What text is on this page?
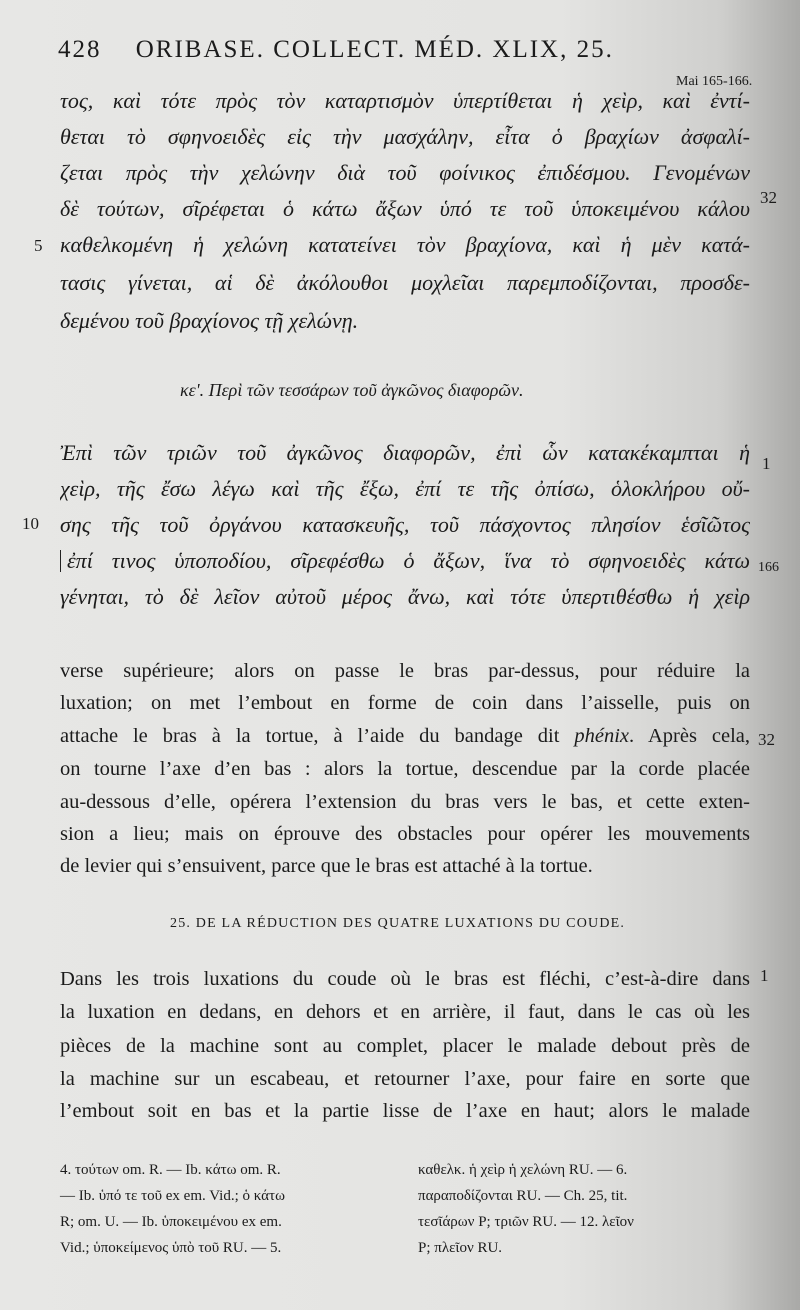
428 ORIBASE. COLLECT. MÉD. XLIX, 25.
Mai 165-166.
τος, καὶ τότε πρὸς τὸν καταρτισμὸν ὑπερτίθεται ἡ χεὶρ, καὶ ἐντί-
θεται τὸ σφηνοειδὲς εἰς τὴν μασχάλην, εἶτα ὁ βραχίων ἀσφαλί-
ζεται πρὸς τὴν χελώνην διὰ τοῦ φοίνικος ἐπιδέσμου. Γενομένων
δὲ τούτων, σῖρέφεται ὁ κάτω ἄξων ὑπό τε τοῦ ὑποκειμένου κάλου
καθελκομένη ἡ χελώνη κατατείνει τὸν βραχίονα, καὶ ἡ μὲν κατά-
τασις γίνεται, αἱ δὲ ἀκόλουθοι μοχλεῖαι παρεμποδίζονται, προσδε-
δεμένου τοῦ βραχίονος τῇ χελώνῃ.
κε'. Περὶ τῶν τεσσάρων τοῦ ἀγκῶνος διαφορῶν.
Ἐπὶ τῶν τριῶν τοῦ ἀγκῶνος διαφορῶν, ἐπὶ ὧν κατακέκαμπται ἡ
χεὶρ, τῆς ἔσω λέγω καὶ τῆς ἔξω, ἐπί τε τῆς ὀπίσω, ὁλοκλήρου οὔ-
σης τῆς τοῦ ὀργάνου κατασκευῆς, τοῦ πάσχοντος πλησίον ἑσῖῶτος
ἐπί τινος ὑποποδίου, σῖρεφέσθω ὁ ἄξων, ἵνα τὸ σφηνοειδὲς κάτω
γένηται, τὸ δὲ λεῖον αὐτοῦ μέρος ἄνω, καὶ τότε ὑπερτιθέσθω ἡ χεὶρ
verse supérieure; alors on passe le bras par-dessus, pour réduire la
luxation; on met l’embout en forme de coin dans l’aisselle, puis on
attache le bras à la tortue, à l’aide du bandage dit phénix. Après cela,
on tourne l’axe d’en bas : alors la tortue, descendue par la corde placée
au-dessous d’elle, opérera l’extension du bras vers le bas, et cette exten-
sion a lieu; mais on éprouve des obstacles pour opérer les mouvements
de levier qui s’ensuivent, parce que le bras est attaché à la tortue.
25. DE LA RÉDUCTION DES QUATRE LUXATIONS DU COUDE.
Dans les trois luxations du coude où le bras est fléchi, c’est-à-dire dans
la luxation en dedans, en dehors et en arrière, il faut, dans le cas où les
pièces de la machine sont au complet, placer le malade debout près de
la machine sur un escabeau, et retourner l’axe, pour faire en sorte que
l’embout soit en bas et la partie lisse de l’axe en haut; alors le malade
5
10
32
1
166
32
1
4. τούτων om. R. — Ib. κάτω om. R.
— Ib. ὑπό τε τοῦ ex em. Vid.; ὁ κάτω
R; om. U. — Ib. ὑποκειμένου ex em.
Vid.; ὑποκείμενος ὑπὸ τοῦ RU. — 5.
καθελκ. ἡ χεὶρ ἡ χελώνη RU. — 6.
παραποδίζονται RU. — Ch. 25, tit.
τεσῖάρων P; τριῶν RU. — 12. λεῖον
P; πλεῖον RU.
